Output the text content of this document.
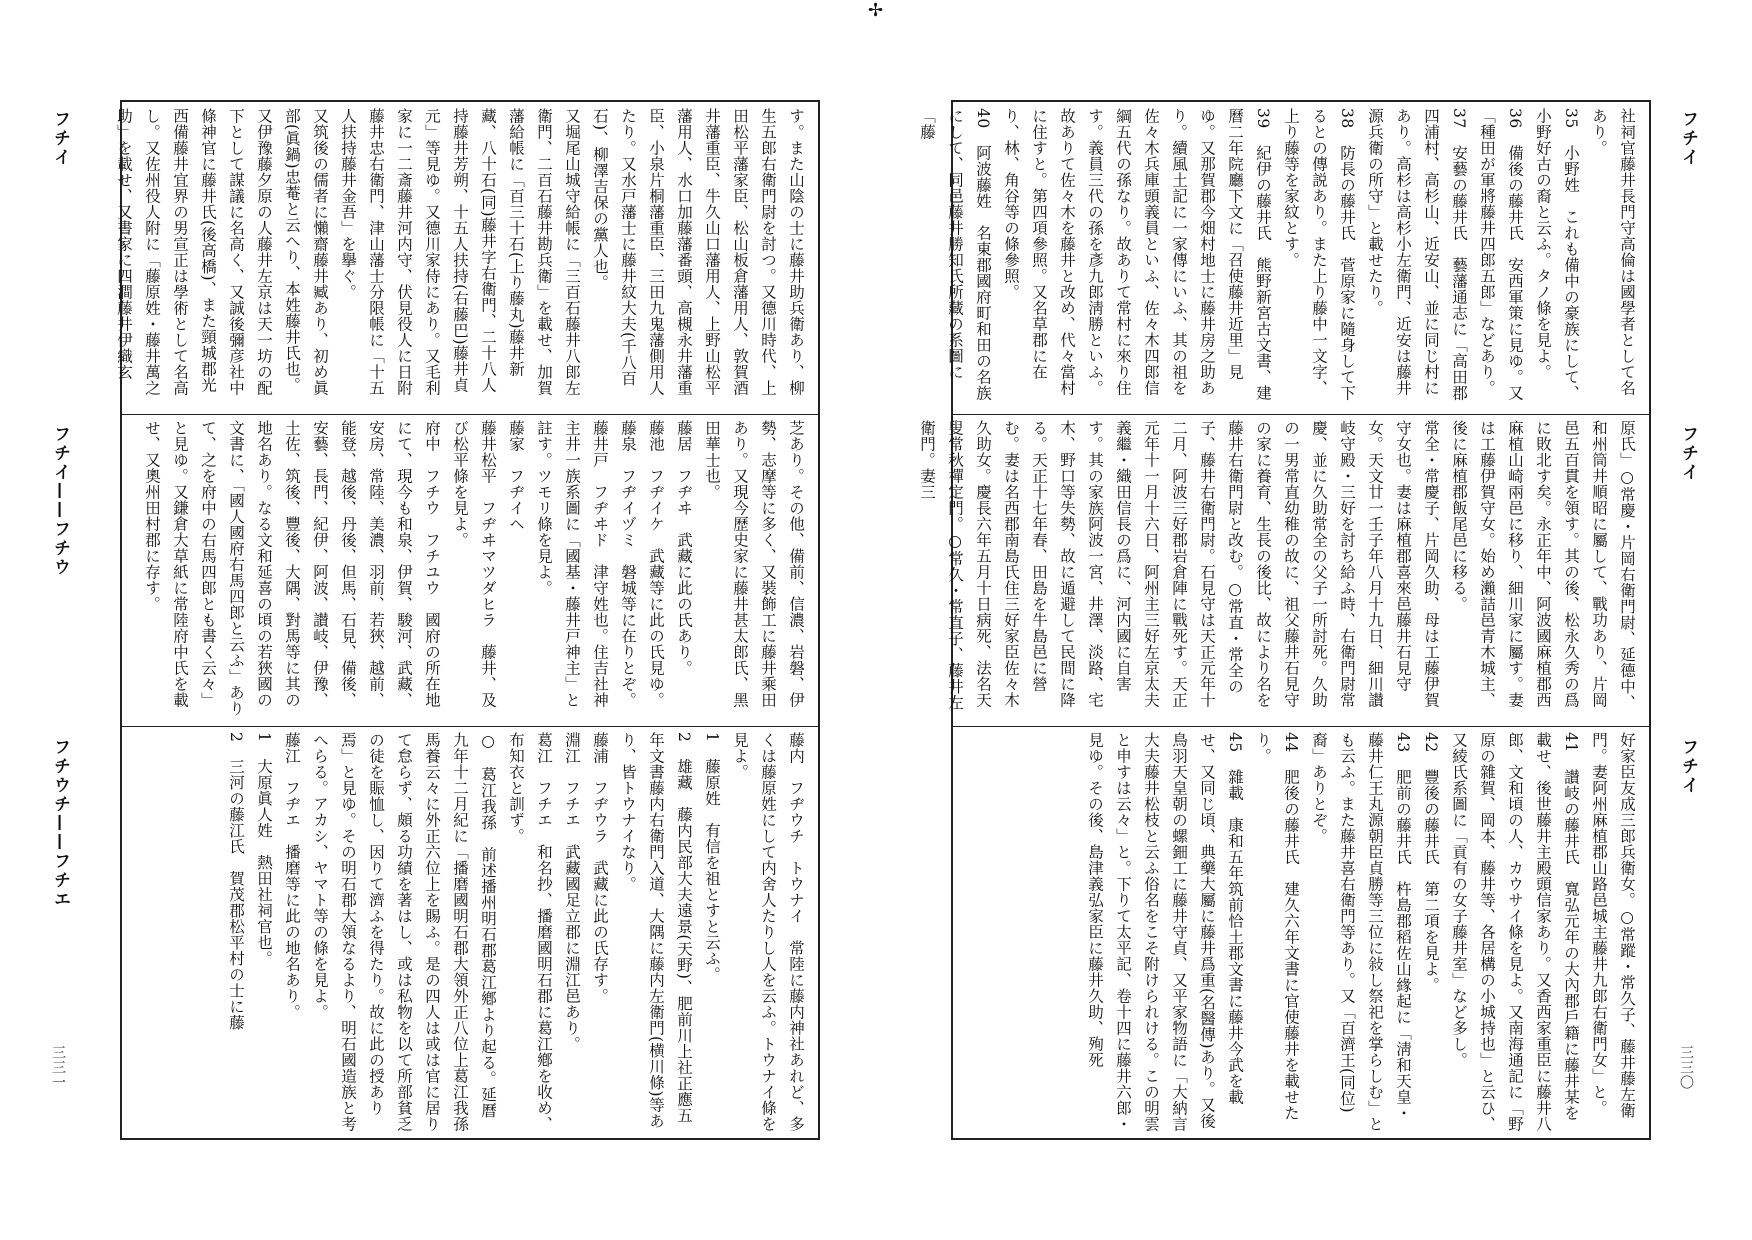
✢
フチイ
フチイ——フチウ
フチウチ——フチエ
三三一
す。また山陰の士に藤井助兵衛あり、柳生五郎右衛門尉を討つ。又德川時代、上田松平藩家臣、松山板倉藩用人、敦賀酒井藩重臣、牛久山口藩用人、上野山松平藩用人、水口加藤藩番頭、高槻永井藩重臣、小泉片桐藩重臣、三田九鬼藩側用人たり。又水戸藩士に藤井紋大夫(千八百石)、柳澤吉保の黨人也。
又堀尾山城守給帳に「三百石藤井八郎左衛門、二百石藤井勘兵衛」を載せ、加賀藩給帳に「百三十石(上り藤丸)藤井新藏、八十石(同)藤井字右衛門、二十八人持藤井芳朔、十五人扶持(右藤巴)藤井貞元」等見ゆ。又德川家侍にあり。又毛利家に一二斎藤井河内守、伏見役人に日附藤井忠右衛門、津山藩士分限帳に「十五人扶持藤井金吾」を擧ぐ。
又筑後の儒者に懶齋藤井臧あり、初め眞部(眞鍋)忠菴と云へり、本姓藤井氏也。又伊豫藤夕原の人藤井左京は天一坊の配下として謀議に名高く、又誠後彌彦社中條神官に藤井氏(後高橋)、また頸城郡光西備藤井宜界の男宣正は學術として名高し。又佐州役人附に「藤原姓・藤井萬之助」を載せ、又書家に四澗藤井伊織玄
芝あり。その他、備前、信濃、岩磐、伊勢、志摩等に多く、又裝飾工に藤井乘田あり。又現今歷史家に藤井甚太郎氏、黑田華士也。
藤居　フヂヰ　武藏に此の氏あり。
藤池　フヂイケ　武藏等に此の氏見ゆ。
藤泉　フヂイヅミ　磐城等に在りとぞ。
藤井戸　フヂヰド　津守姓也。住吉社神主井一族系圖に「國基・藤井戸神主」と註す。ツモリ條を見よ。
藤家　フヂイヘ
藤井松平　フヂヰマツダヒラ　藤井、及び松平條を見よ。
府中　フチウ　フチユウ　國府の所在地にて、現今も和泉、伊賀、駿河、武藏、安房、常陸、美濃、羽前、若狹、越前、能登、越後、丹後、但馬、石見、備後、安藝、長門、紀伊、阿波、讃岐、伊豫、土佐、筑後、豐後、大隅、對馬等に其の地名あり。なる文和延喜の頃の若狹國の文書に、「國人國府右馬四郎と云ふ」ありて、之を府中の右馬四郎とも書く云々」と見ゆ。又鎌倉大草紙に常陸府中氏を載せ、又奧州田村郡に存す。
藤内　フヂウチ　トウナイ　常陸に藤内神社あれど、多くは藤原姓にして内舍人たりし人を云ふ。トウナイ條を見よ。
1　藤原姓　有信を祖とすと云ふ。
2　雄藏　藤内民部大夫遠景(天野)、肥前川上社正應五年文書藤内右衛門入道、大隅に藤内左衛門(横川條)等あり、皆トウナイなり。
藤浦　フヂウラ　武藏に此の氏存す。
淵江　フチエ　武藏國足立郡に淵江邑あり。
葛江　フチエ　和名抄、播磨國明石郡に葛江鄕を收め、布知衣と訓ず。
○　葛江我孫　前述播州明石郡葛江鄕より起る。延曆九年十二月紀に「播磨國明石郡大領外正八位上葛江我孫馬養云々に外正六位上を賜ふ。是の四人は或は官に居りて怠らず、頗る功績を著はし、或は私物を以て所部貧乏の徒を賑恤し、因りて濟ふを得たり。故に此の授あり焉」と見ゆ。その明石郡大領なるより、明石國造族と考へらる。アカシ、ヤマト等の條を見よ。
藤江　フヂエ　播磨等に此の地名あり。
1　大原眞人姓　熱田社祠官也。
2　三河の藤江氏　賀茂郡松平村の士に藤
フチイ
フチイ
フチイ
三三〇
社祠官藤井長門守高倫は國學者として名あり。
35　小野姓　これも備中の豪族にして、小野好古の裔と云ふ。タノ條を見よ。
36　備後の藤井氏　安西軍策に見ゆ。又「種田が軍將藤井四郎五郎」などあり。
37　安藝の藤井氏　藝藩通志に「高田郡四浦村、高杉山、近安山、並に同じ村にあり。高杉は高杉小左衛門、近安は藤井源兵衛の所守」と載せたり。
38　防長の藤井氏　菅原家に隨身して下るとの傳説あり。また上り藤中一文字、上り藤等を家紋とす。
39　紀伊の藤井氏　熊野新宮古文書、建曆二年院廳下文に「召使藤井近里」見ゆ。又那賀郡今畑村地士に藤井房之助あり。續風土記に一家傳にいふ、其の祖を佐々木兵庫頭義員といふ、佐々木四郎信綱五代の孫なり。故ありて常村に來り住す。義員三代の孫を彥九郎淸勝といふ。故ありて佐々木を藤井と改め、代々當村に住すと。第四項參照。又名草郡に在り、林、角谷等の條參照。
40　阿波藤姓　名東郡國府町和田の名族にして、同邑藤井勝知氏所藏の系圖に「藤
原氏」○常慶・片岡右衛門尉、延德中、和州筒井順昭に屬して、戰功あり、片岡邑五百貫を領す。其の後、松永久秀の爲に敗北す矣。永正年中、阿波國麻植郡西麻植山崎兩邑に移り、細川家に屬す。妻は工藤伊賀守女。始め瀨詰邑青木城主、後に麻植郡飯尾邑に移る。
常全・常慶子、片岡久助、母は工藤伊賀守女也。妻は麻植郡喜來邑藤井石見守女。天文廿一壬子年八月十九日、細川讃岐守殿・三好を討ち給ふ時、右衛門尉常慶、並に久助常全の父子一所討死。久助の一男常直幼稚の故に、祖父藤井石見守の家に養育、生長の後比、故により名を藤井右衛門尉と改む。○常直・常全の子、藤井右衛門尉。石見守は天正元年十二月、阿波三好郡岩倉陣に戰死す。天正元年十一月十六日、阿州主三好左京太夫義繼・織田信長の爲に、河内國に自害す。其の家族阿波一宮、井澤、淡路、宅木、野口等失勢、故に遁避して民間に降る。天正十七年春、田島を牛島邑に營む。妻は名西郡南島氏住三好家臣佐々木久助女。慶長六年五月十日病死、法名天叟常秋禪定門。○常久・常直子、藤井左衛門。妻三
好家臣友成三郎兵衛女。○常蹤・常久子、藤井藤左衛門。妻阿州麻植郡山路邑城主藤井九郎右衛門女」と。
41　讃岐の藤井氏　寬弘元年の大內郡戶籍に藤井某を載せ、後世藤井主殿頭信家あり。又香西家重臣に藤井八郎、文和頃の人、カウサイ條を見よ。又南海通記に「野原の雜賀、岡本、藤井等、各居構の小城持也」と云ひ、又綾氏系圖に「貢有の女子藤井室」など多し。
42　豐後の藤井氏　第二項を見よ。
43　肥前の藤井氏　杵島郡稻佐山緣起に「淸和天皇・藤井仁王丸源朝臣貞勝等三位に敍し祭祀を掌らしむ」とも云ふ。また藤井喜右衛門等あり。又「百濟王(同位)裔」ありとぞ。
44　肥後の藤井氏　建久六年文書に官使藤井を載せたり。
45　雜載　康和五年筑前恰土郡文書に藤井今武を載せ、又同じ頃、典藥大屬に藤井爲重(名醫傳)あり。又後鳥羽天皇朝の螺鈿工に藤井守貞、又平家物語に「大納言大夫藤井松枝と云ふ俗名をこそ附けられける。この明雲と申すは云々」と。下りて太平記、卷十四に藤井六郎・見ゆ。その後、島津義弘家臣に藤井久助、殉死
